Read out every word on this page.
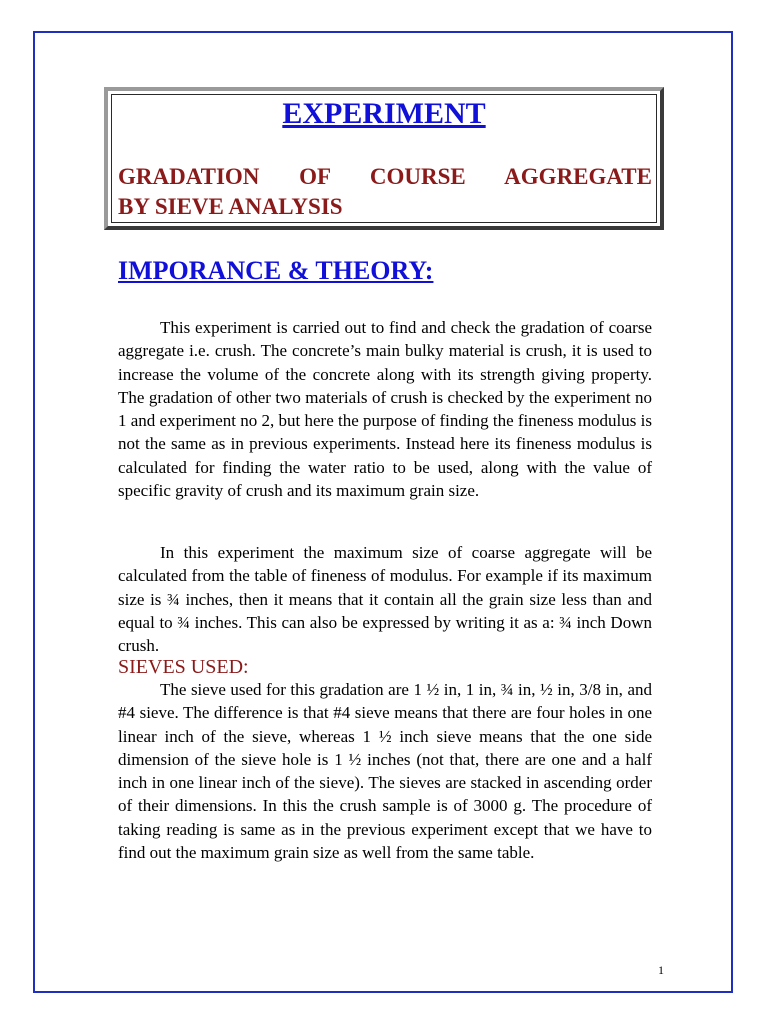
EXPERIMENT
GRADATION OF COURSE AGGREGATE
BY SIEVE ANALYSIS
IMPORANCE & THEORY:

This experiment is carried out to find and check the gradation of coarse aggregate i.e. crush. The concrete’s main bulky material is crush, it is used to increase the volume of the concrete along with its strength giving property. The gradation of other two materials of crush is checked by the experiment no 1 and experiment no 2, but here the purpose of finding the fineness modulus is not the same as in previous experiments. Instead here its fineness modulus is calculated for finding the water ratio to be used, along with the value of specific gravity of crush and its maximum grain size.

In this experiment the maximum size of coarse aggregate will be calculated from the table of fineness of modulus. For example if its maximum size is ¾ inches, then it means that it contain all the grain size less than and equal to ¾ inches. This can also be expressed by writing it as a: ¾ inch Down crush.

SIEVES USED:

The sieve used for this gradation are 1 ½ in, 1 in, ¾ in, ½ in, 3/8 in, and #4 sieve. The difference is that #4 sieve means that there are four holes in one linear inch of the sieve, whereas 1 ½ inch sieve means that the one side dimension of the sieve hole is 1 ½ inches (not that, there are one and a half inch in one linear inch of the sieve). The sieves are stacked in ascending order of their dimensions. In this the crush sample is of 3000 g. The procedure of taking reading is same as in the previous experiment except that we have to find out the maximum grain size as well from the same table.

1
